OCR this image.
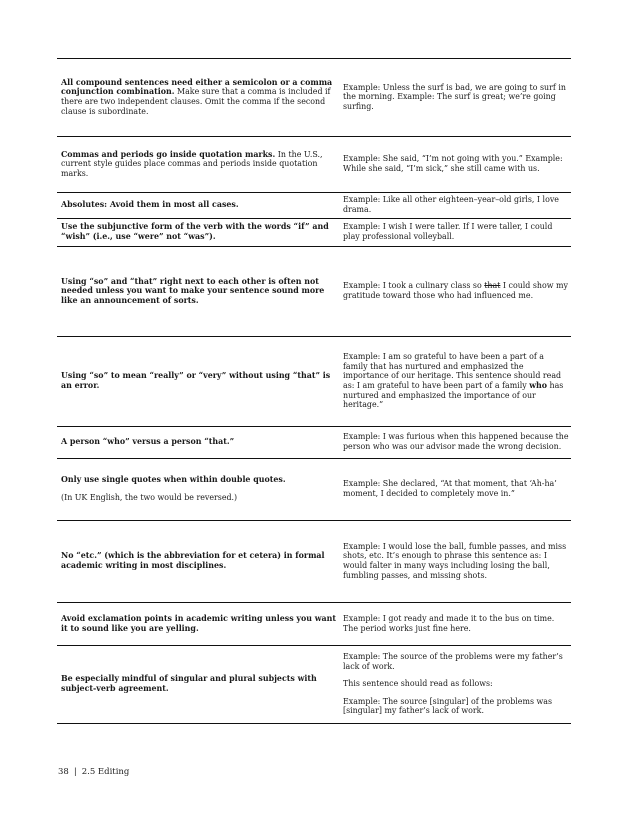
All compound sentences need either a semicolon or a comma conjunction combination. Make sure that a comma is included if there are two independent clauses. Omit the comma if the second clause is subordinate.
Example: Unless the surf is bad, we are going to surf in the morning. Example: The surf is great; we’re going surfing.
Commas and periods go inside quotation marks. In the U.S., current style guides place commas and periods inside quotation marks.
Example: She said, “I’m not going with you.” Example: While she said, “I’m sick,” she still came with us.
Absolutes: Avoid them in most all cases.
Example: Like all other eighteen–year–old girls, I love drama.
Use the subjunctive form of the verb with the words “if” and “wish” (i.e., use “were” not “was”).
Example: I wish I were taller. If I were taller, I could play professional volleyball.
Using “so” and “that” right next to each other is often not needed unless you want to make your sentence sound more like an announcement of sorts.
Example: I took a culinary class so that I could show my gratitude toward those who had influenced me.
Using “so” to mean “really” or “very” without using “that” is an error.
Example: I am so grateful to have been a part of a family that has nurtured and emphasized the importance of our heritage. This sentence should read as: I am grateful to have been part of a family who has nurtured and emphasized the importance of our heritage.”
A person “who” versus a person “that.”
Example: I was furious when this happened because the person who was our advisor made the wrong decision.
Only use single quotes when within double quotes.
(In UK English, the two would be reversed.)
Example: She declared, “At that moment, that ‘Ah-ha’ moment, I decided to completely move in.”
No “etc.” (which is the abbreviation for et cetera) in formal academic writing in most disciplines.
Example: I would lose the ball, fumble passes, and miss shots, etc. It’s enough to phrase this sentence as: I would falter in many ways including losing the ball, fumbling passes, and missing shots.
Avoid exclamation points in academic writing unless you want it to sound like you are yelling.
Example: I got ready and made it to the bus on time. The period works just fine here.
Be especially mindful of singular and plural subjects with subject-verb agreement.
Example: The source of the problems were my father’s lack of work.
This sentence should read as follows:
Example: The source [singular] of the problems was [singular] my father’s lack of work.
38 | 2.5 Editing
